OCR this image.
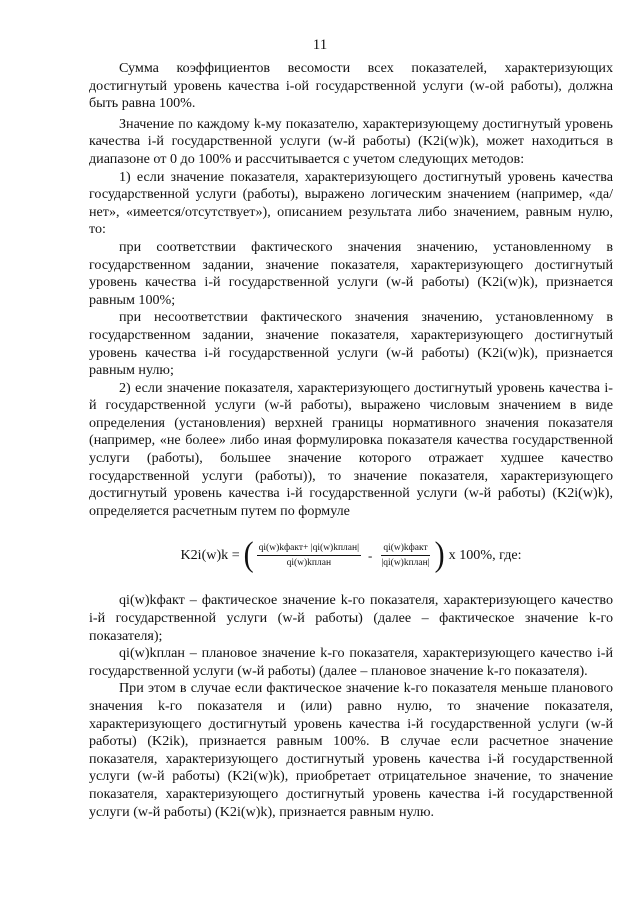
11

Сумма коэффициентов весомости всех показателей, характеризующих достигнутый уровень качества i-ой государственной услуги (w-ой работы), должна быть равна 100%.

Значение по каждому k-му показателю, характеризующему достигнутый уровень качества i-й государственной услуги (w-й работы) (K2i(w)k), может находиться в диапазоне от 0 до 100% и рассчитывается с учетом следующих методов:

1) если значение показателя, характеризующего достигнутый уровень качества государственной услуги (работы), выражено логическим значением (например, «да/нет», «имеется/отсутствует»), описанием результата либо значением, равным нулю, то:

при соответствии фактического значения значению, установленному в государственном задании, значение показателя, характеризующего достигнутый уровень качества i-й государственной услуги (w-й работы) (K2i(w)k), признается равным 100%;

при несоответствии фактического значения значению, установленному в государственном задании, значение показателя, характеризующего достигнутый уровень качества i-й государственной услуги (w-й работы) (K2i(w)k), признается равным нулю;

2) если значение показателя, характеризующего достигнутый уровень качества i-й государственной услуги (w-й работы), выражено числовым значением в виде определения (установления) верхней границы нормативного значения показателя (например, «не более» либо иная формулировка показателя качества государственной услуги (работы), большее значение которого отражает худшее качество государственной услуги (работы)), то значение показателя, характеризующего достигнутый уровень качества i-й государственной услуги (w-й работы) (K2i(w)k), определяется расчетным путем по формуле

K2i(w)k = ( $\frac{\text{qi(w)kфакт+ |qi(w)kплан|}}{\text{qi(w)kплан}} - \frac{\text{qi(w)kфакт}}{\text{|qi(w)kплан|}}$ ) x 100%, где:

qi(w)kфакт – фактическое значение k-го показателя, характеризующего качество i-й государственной услуги (w-й работы) (далее – фактическое значение k-го показателя);

qi(w)kплан – плановое значение k-го показателя, характеризующего качество i-й государственной услуги (w-й работы) (далее – плановое значение k-го показателя).

При этом в случае если фактическое значение k-го показателя меньше планового значения k-го показателя и (или) равно нулю, то значение показателя, характеризующего достигнутый уровень качества i-й государственной услуги (w-й работы) (K2ik), признается равным 100%. В случае если расчетное значение показателя, характеризующего достигнутый уровень качества i-й государственной услуги (w-й работы) (K2i(w)k), приобретает отрицательное значение, то значение показателя, характеризующего достигнутый уровень качества i-й государственной услуги (w-й работы) (K2i(w)k), признается равным нулю.
